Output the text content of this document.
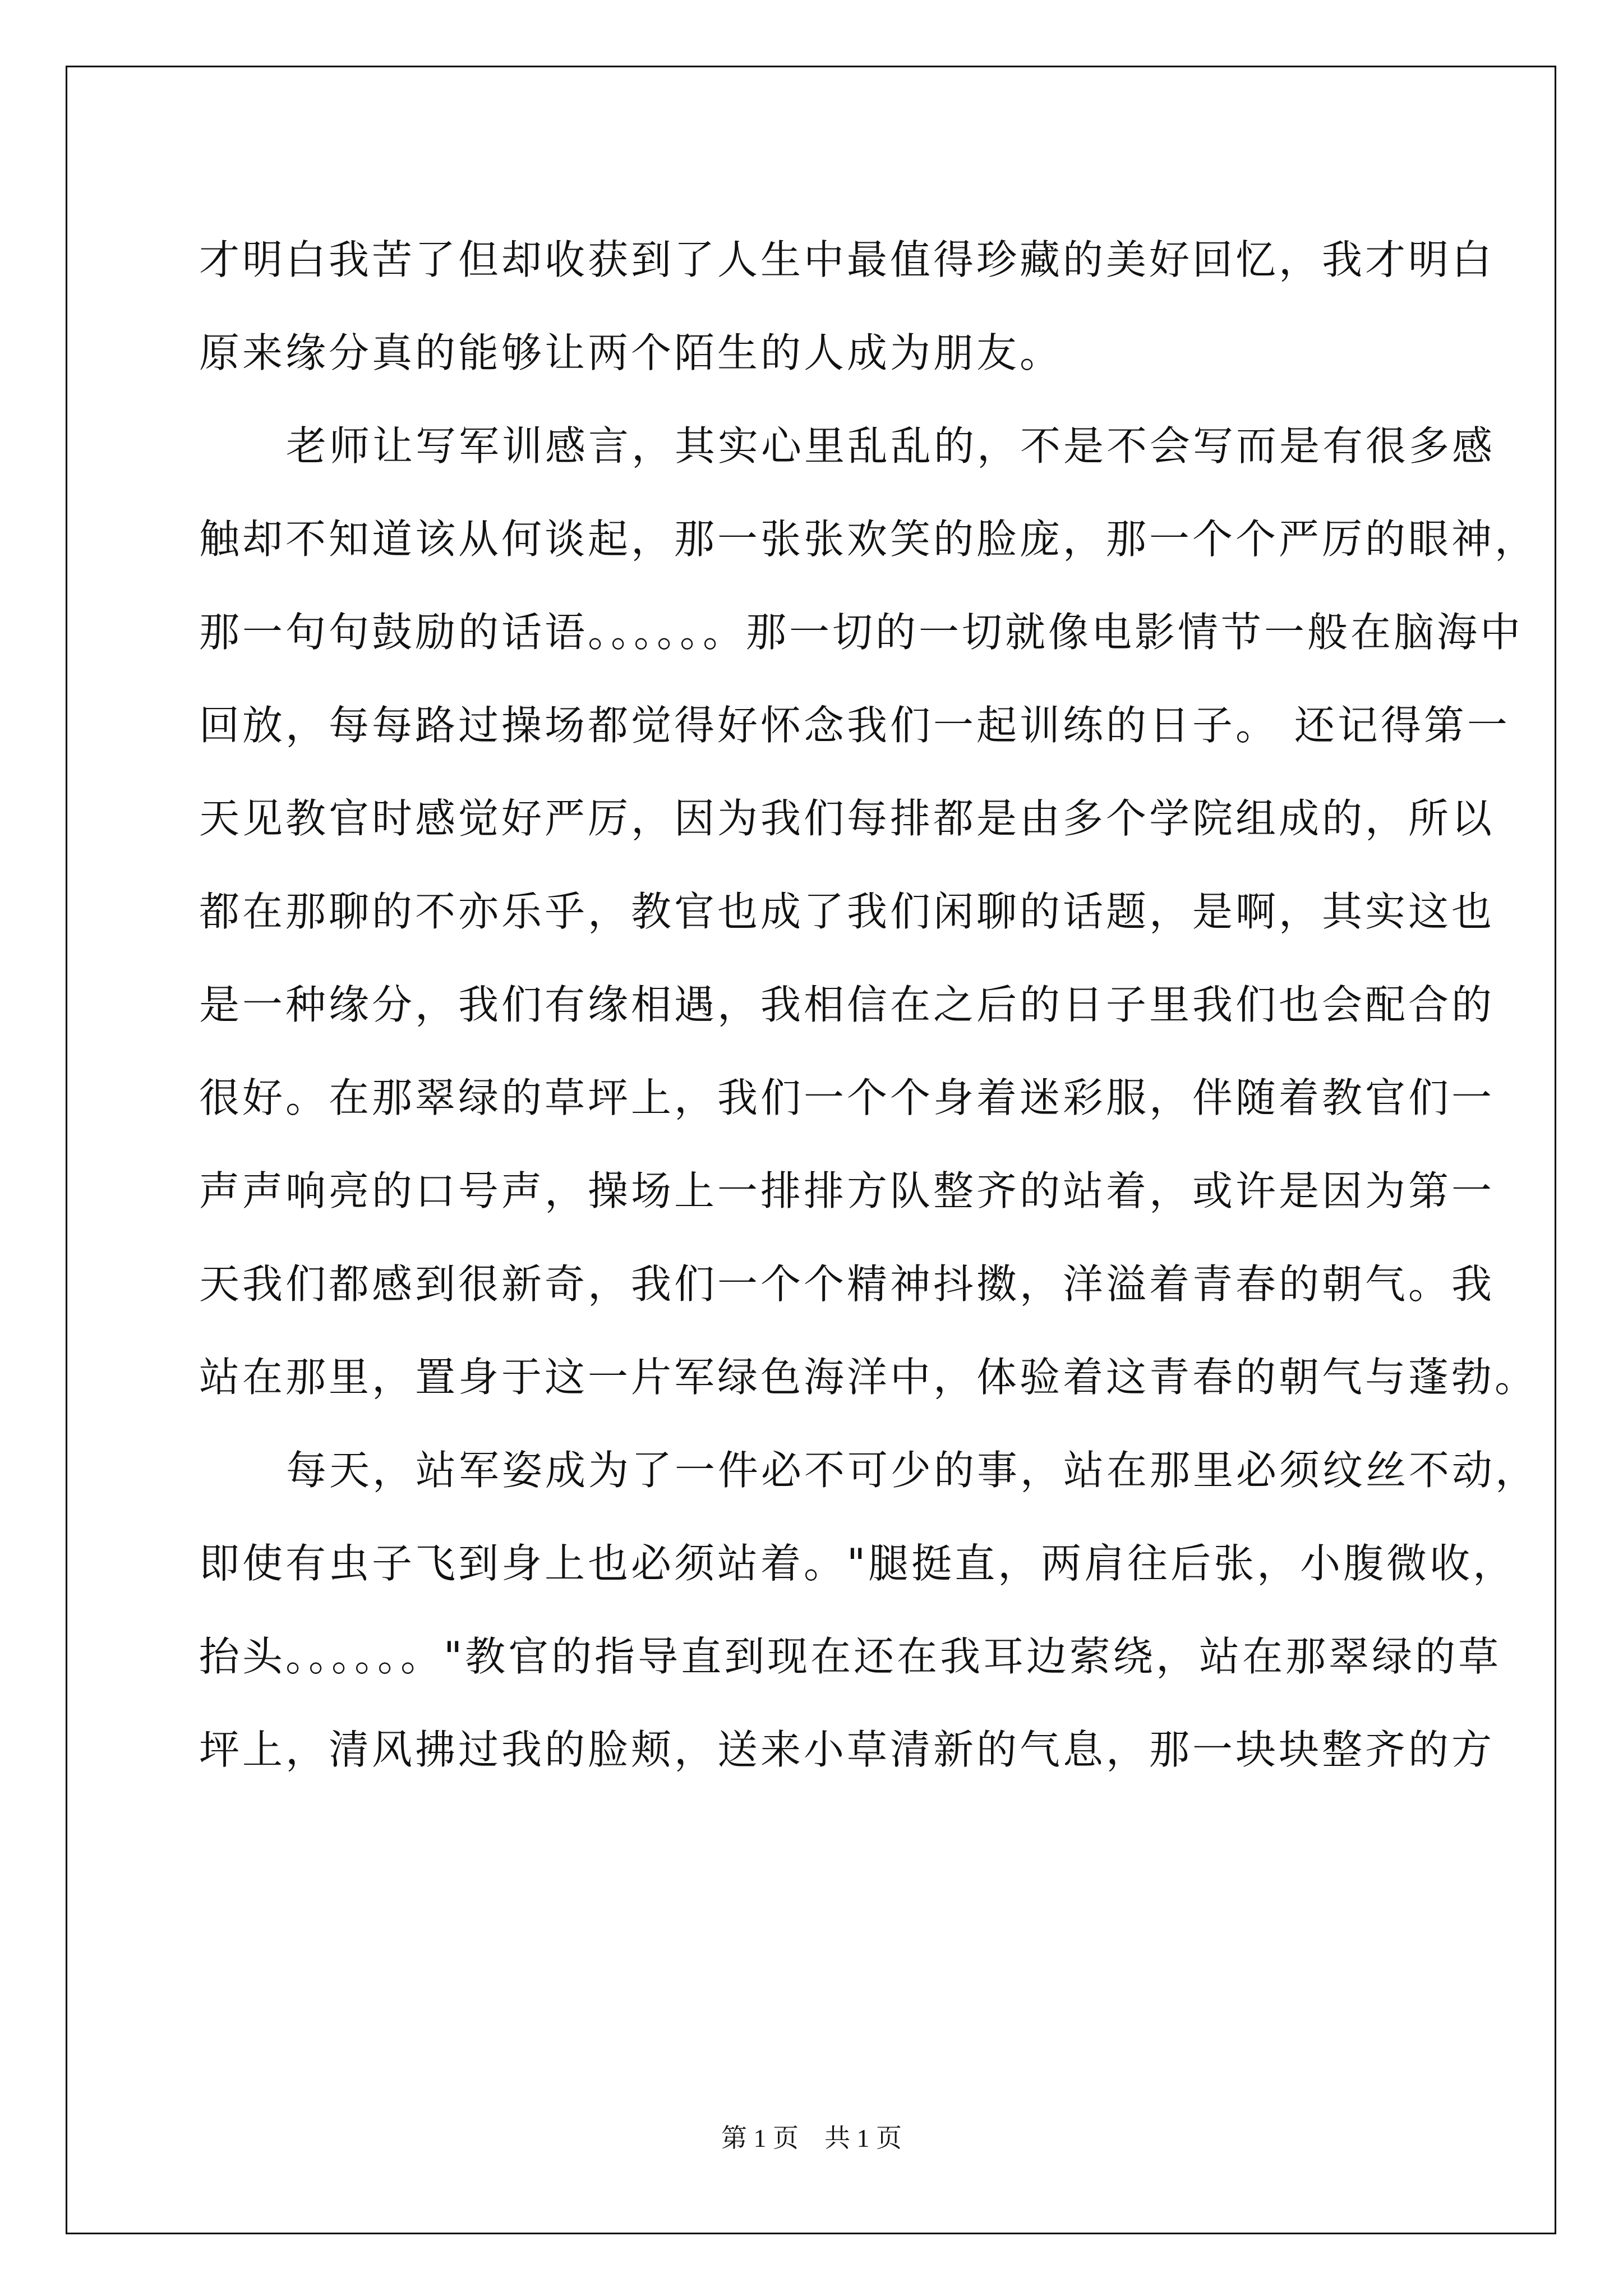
才明白我苦了但却收获到了人生中最值得珍藏的美好回忆，我才明白
原来缘分真的能够让两个陌生的人成为朋友。
老师让写军训感言，其实心里乱乱的，不是不会写而是有很多感
触却不知道该从何谈起，那一张张欢笑的脸庞，那一个个严厉的眼神，
那一句句鼓励的话语。。。。。。那一切的一切就像电影情节一般在脑海中
回放，每每路过操场都觉得好怀念我们一起训练的日子。 还记得第一
天见教官时感觉好严厉，因为我们每排都是由多个学院组成的，所以
都在那聊的不亦乐乎，教官也成了我们闲聊的话题，是啊，其实这也
是一种缘分，我们有缘相遇，我相信在之后的日子里我们也会配合的
很好。在那翠绿的草坪上，我们一个个身着迷彩服，伴随着教官们一
声声响亮的口号声，操场上一排排方队整齐的站着，或许是因为第一
天我们都感到很新奇，我们一个个精神抖擞，洋溢着青春的朝气。我
站在那里，置身于这一片军绿色海洋中，体验着这青春的朝气与蓬勃。
每天，站军姿成为了一件必不可少的事，站在那里必须纹丝不动，
即使有虫子飞到身上也必须站着。"腿挺直，两肩往后张，小腹微收，
抬头。。。。。。"教官的指导直到现在还在我耳边萦绕，站在那翠绿的草
坪上，清风拂过我的脸颊，送来小草清新的气息，那一块块整齐的方
第 1 页　共 1 页
